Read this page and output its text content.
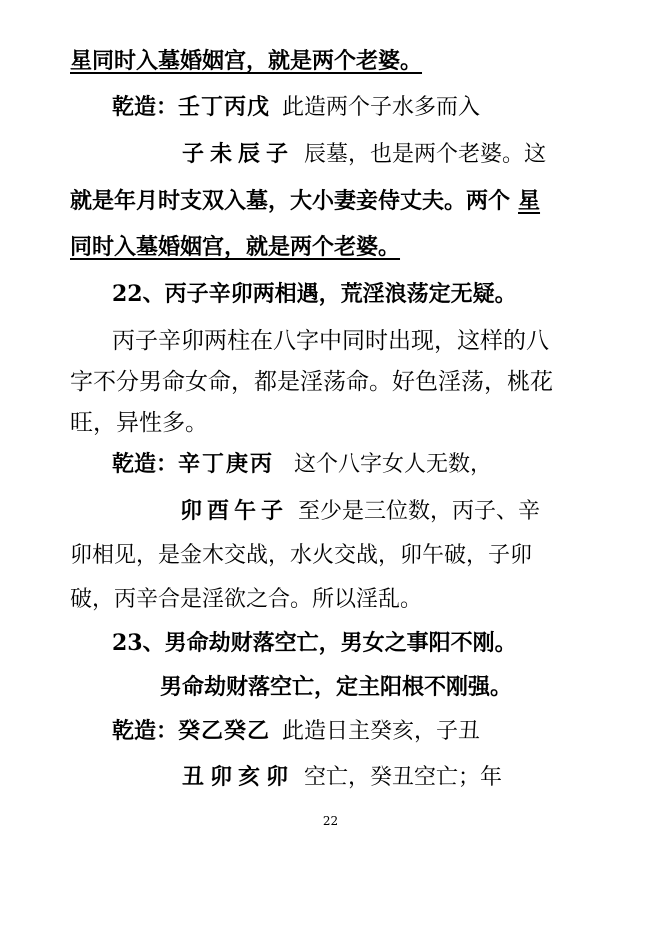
星同时入墓婚姻宫，就是两个老婆。
乾造：壬丁丙戊 此造两个子水多而入
子未辰子 辰墓，也是两个老婆。这
就是年月时支双入墓，大小妻妾侍丈夫。两个 星
同时入墓婚姻宫，就是两个老婆。
22、丙子辛卯两相遇，荒淫浪荡定无疑。
丙子辛卯两柱在八字中同时出现，这样的八
字不分男命女命，都是淫荡命。好色淫荡，桃花
旺，异性多。
乾造：辛丁庚丙 这个八字女人无数，
卯酉午子 至少是三位数，丙子、辛
卯相见，是金木交战，水火交战，卯午破，子卯
破，丙辛合是淫欲之合。所以淫乱。
23、男命劫财落空亡，男女之事阳不刚。
男命劫财落空亡，定主阳根不刚强。
乾造：癸乙癸乙 此造日主癸亥，子丑
丑卯亥卯 空亡，癸丑空亡；年
22
